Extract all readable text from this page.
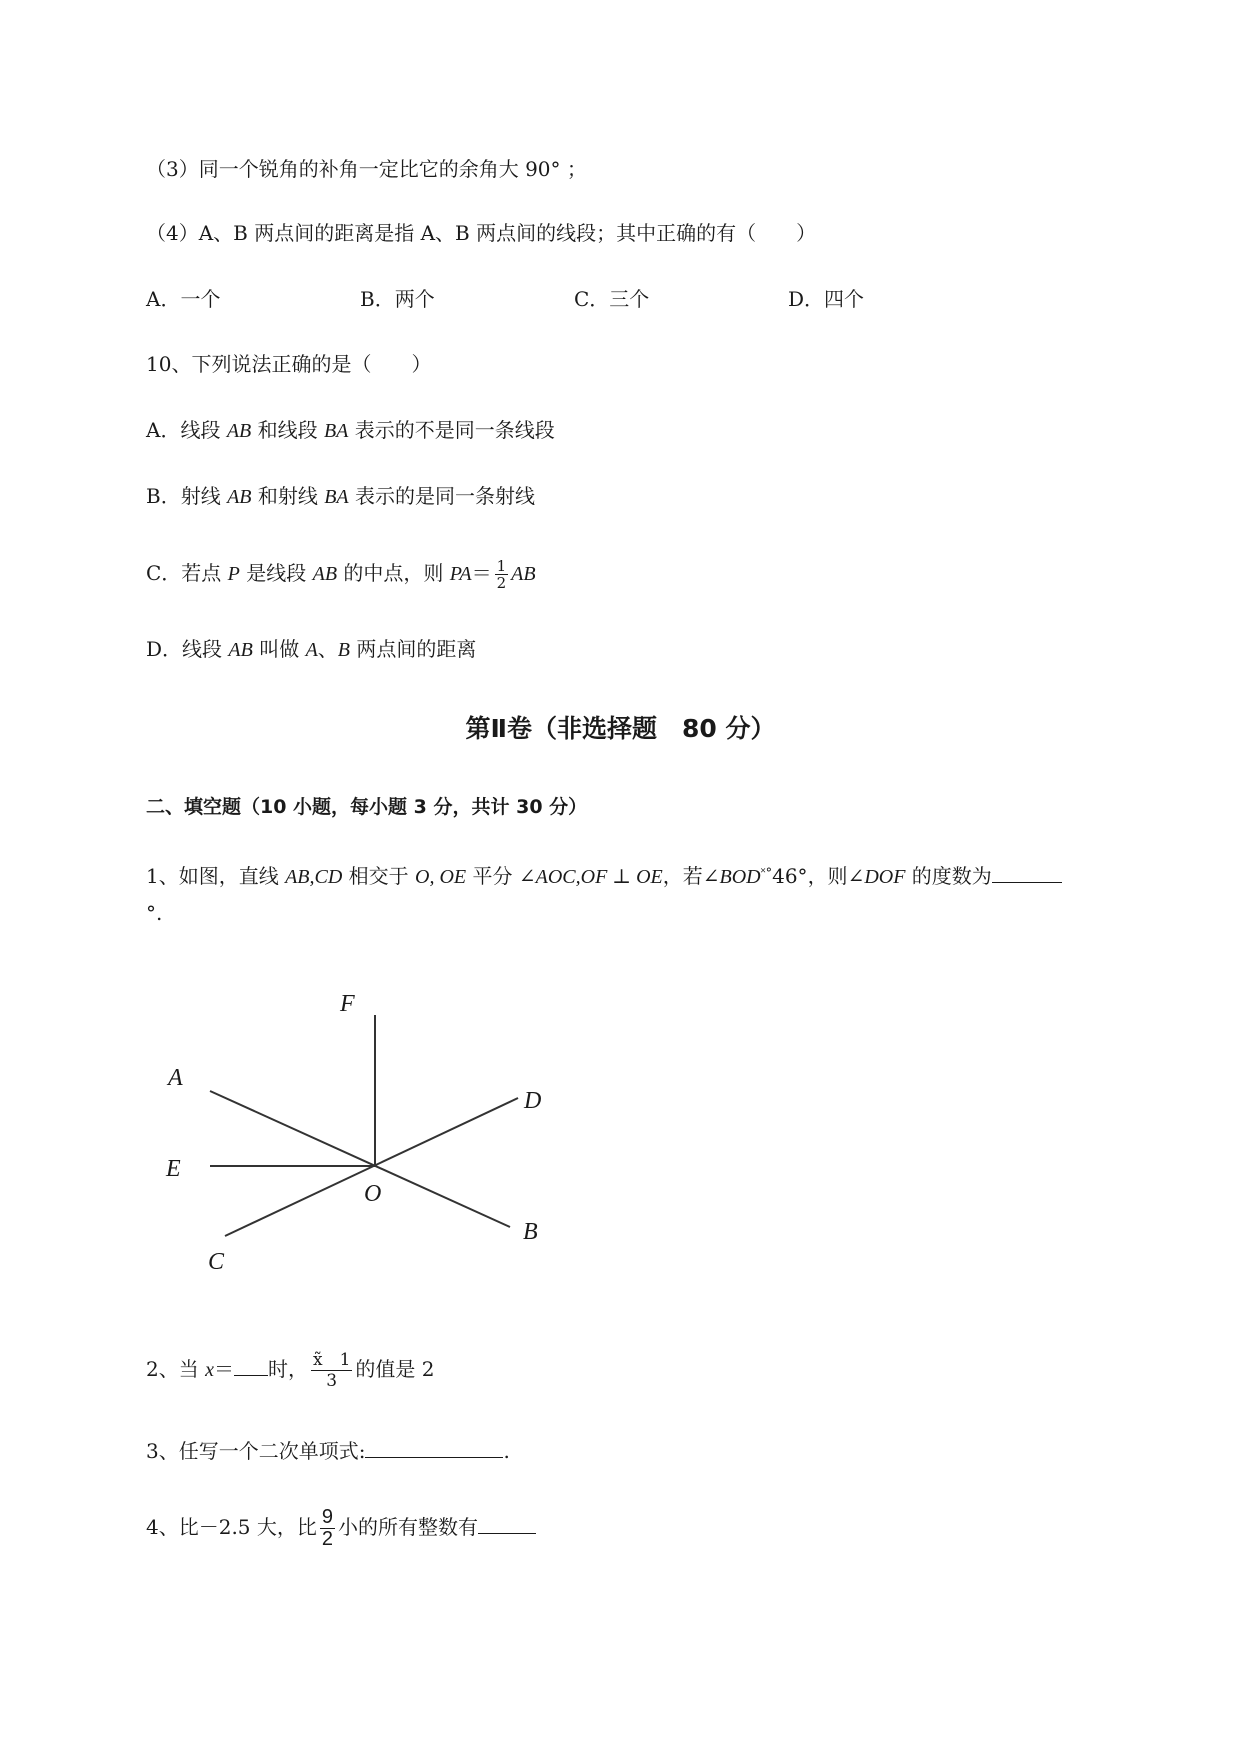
（3）同一个锐角的补角一定比它的余角大 90° ；
（4）A、B 两点间的距离是指 A、B 两点间的线段；其中正确的有（　　）
A．一个	B．两个	C．三个	D．四个
10、下列说法正确的是（　　）
A．线段 AB 和线段 BA 表示的不是同一条线段
B．射线 AB 和射线 BA 表示的是同一条射线
C．若点 P 是线段 AB 的中点，则 $PA= \frac{1}{2}$ AB
D．线段 AB 叫做 A、B 两点间的距离
第Ⅱ卷（非选择题　80 分）
二、填空题（10 小题，每小题 3 分，共计 30 分）
1、如图，直线 AB,CD 相交于 O, OE 平分 ∠AOC,OF ⊥ OE，若∠BOD˟°46°，则∠DOF 的度数为
°.
F
A
D
E
O
B
C
2、当 x＝ 时， $\frac{x̃ 1}{3}$ 的值是 2
3、任写一个二次单项式:	.
4、比－2.5 大，比 $\frac{9}{2}$ 小的所有整数有
